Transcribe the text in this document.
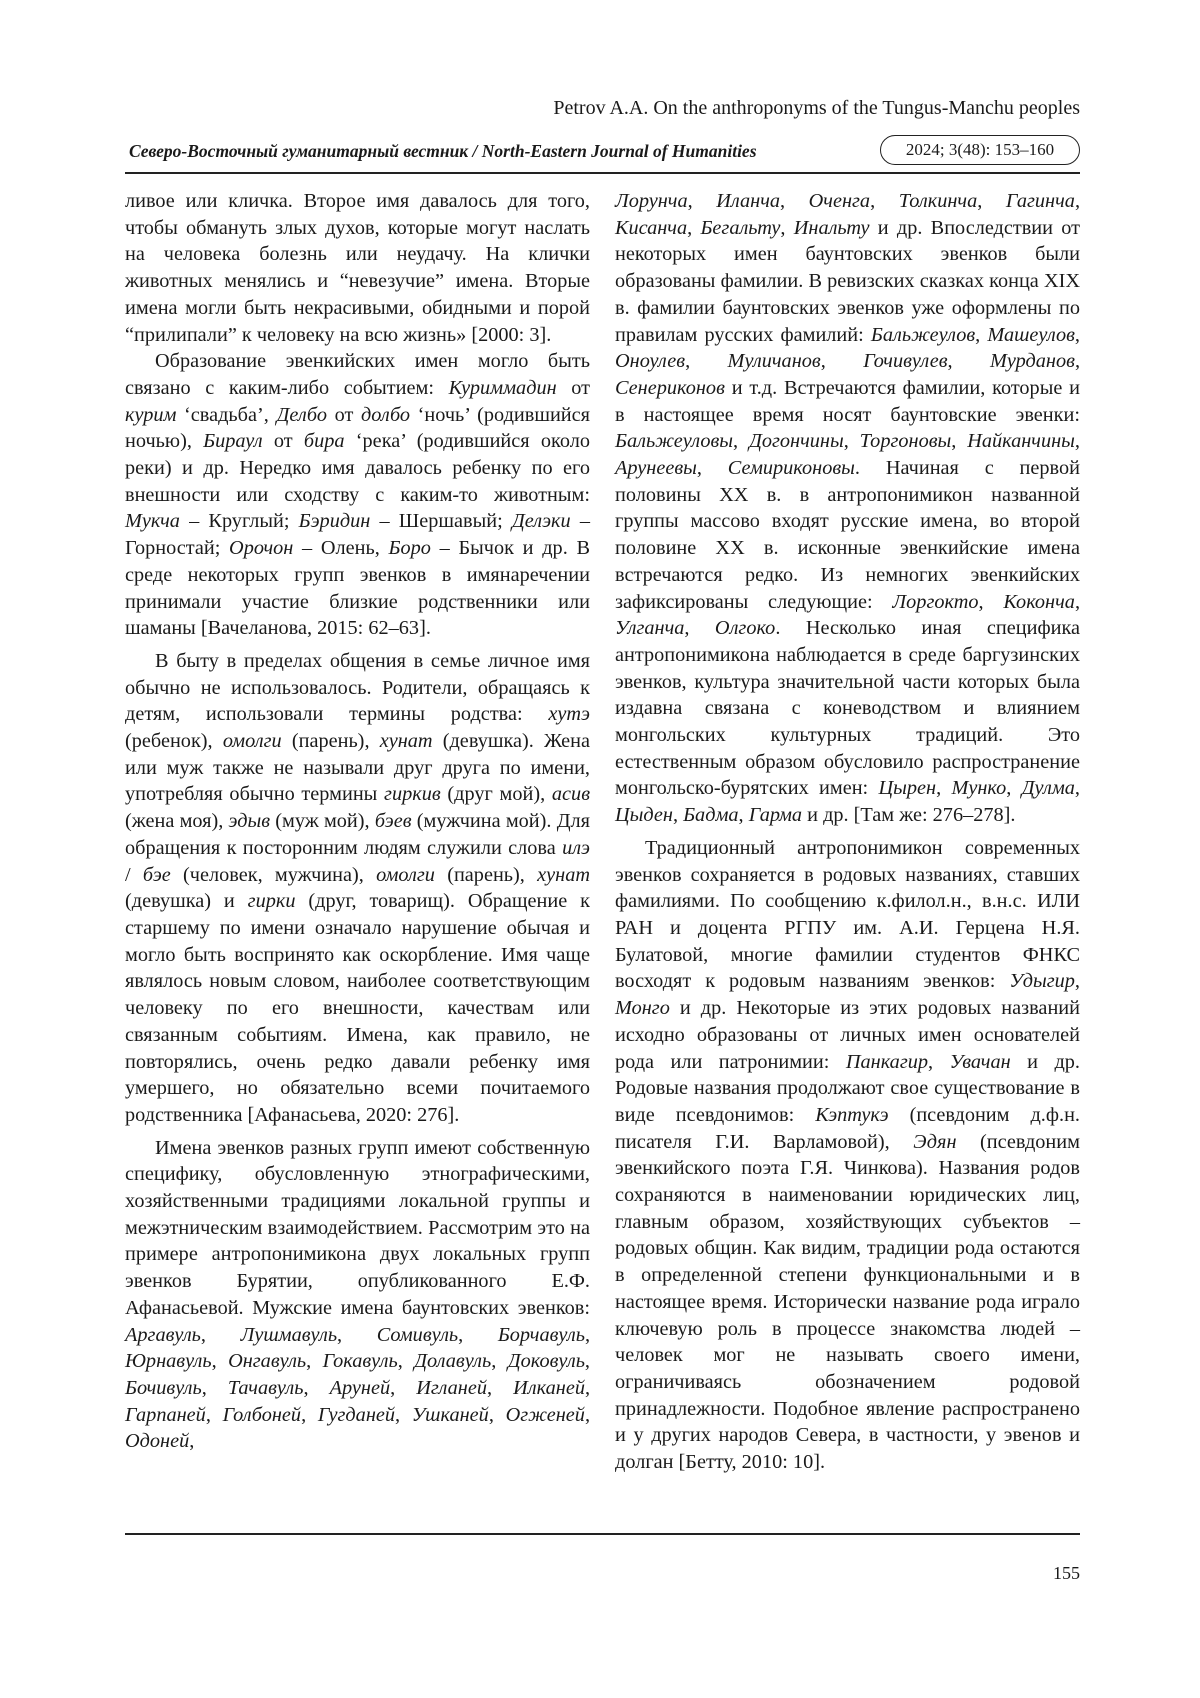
Petrov A.A. On the anthroponyms of the Tungus-Manchu peoples
Северо-Восточный гуманитарный вестник / North-Eastern Journal of Humanities	2024; 3(48): 153–160

ливое или кличка. Второе имя давалось для того, чтобы обмануть злых духов, которые могут наслать на человека болезнь или неудачу. На клички животных менялись и “невезучие” имена. Вторые имена могли быть некрасивыми, обидными и порой “прилипали” к человеку на всю жизнь» [2000: 3].

Образование эвенкийских имен могло быть связано с каким-либо событием: Куриммадин от курим ‘свадьба’, Делбо от долбо ‘ночь’ (родившийся ночью), Бираул от бира ‘река’ (родившийся около реки) и др. Нередко имя давалось ребенку по его внешности или сходству с каким-то животным: Мукча – Круглый; Бэридин – Шершавый; Делэки – Горностай; Орочон – Олень, Боро – Бычок и др. В среде некоторых групп эвенков в имянаречении принимали участие близкие родственники или шаманы [Вачеланова, 2015: 62–63].

В быту в пределах общения в семье личное имя обычно не использовалось. Родители, обращаясь к детям, использовали термины родства: хутэ (ребенок), омолги (парень), хунат (девушка). Жена или муж также не называли друг друга по имени, употребляя обычно термины гиркив (друг мой), асив (жена моя), эдыв (муж мой), бэев (мужчина мой). Для обращения к посторонним людям служили слова илэ / бэе (человек, мужчина), омолги (парень), хунат (девушка) и гирки (друг, товарищ). Обращение к старшему по имени означало нарушение обычая и могло быть воспринято как оскорбление. Имя чаще являлось новым словом, наиболее соответствующим человеку по его внешности, качествам или связанным событиям. Имена, как правило, не повторялись, очень редко давали ребенку имя умершего, но обязательно всеми почитаемого родственника [Афанасьева, 2020: 276].

Имена эвенков разных групп имеют собственную специфику, обусловленную этнографическими, хозяйственными традициями локальной группы и межэтническим взаимодействием. Рассмотрим это на примере антропонимикона двух локальных групп эвенков Бурятии, опубликованного Е.Ф. Афанасьевой. Мужские имена баунтовских эвенков: Аргавуль, Лушмавуль, Сомивуль, Борчавуль, Юрнавуль, Онгавуль, Гокавуль, Долавуль, Доковуль, Бочивуль, Тачавуль, Аруней, Игланей, Илканей, Гарпаней, Голбоней, Гугданей, Ушканей, Огженей, Одоней,

Лорунча, Иланча, Оченга, Толкинча, Гагинча, Кисанча, Бегальту, Инальту и др. Впоследствии от некоторых имен баунтовских эвенков были образованы фамилии. В ревизских сказках конца XIX в. фамилии баунтовских эвенков уже оформлены по правилам русских фамилий: Бальжеулов, Машеулов, Оноулев, Муличанов, Гочивулев, Мурданов, Сенериконов и т.д. Встречаются фамилии, которые и в настоящее время носят баунтовские эвенки: Бальжеуловы, Догончины, Торгоновы, Найканчины, Арунеевы, Семириконовы. Начиная с первой половины XX в. в антропонимикон названной группы массово входят русские имена, во второй половине XX в. исконные эвенкийские имена встречаются редко. Из немногих эвенкийских зафиксированы следующие: Лоргокто, Кокончa, Улганча, Олгоко. Несколько иная специфика антропонимикона наблюдается в среде баргузинских эвенков, культура значительной части которых была издавна связана с коневодством и влиянием монгольских культурных традиций. Это естественным образом обусловило распространение монгольско-бурятских имен: Цырен, Мунко, Дулма, Цыден, Бадма, Гарма и др. [Там же: 276–278].

Традиционный антропонимикон современных эвенков сохраняется в родовых названиях, ставших фамилиями. По сообщению к.филол.н., в.н.с. ИЛИ РАН и доцента РГПУ им. А.И. Герцена Н.Я. Булатовой, многие фамилии студентов ФНКС восходят к родовым названиям эвенков: Удыгир, Монго и др. Некоторые из этих родовых названий исходно образованы от личных имен основателей рода или патронимии: Панкагир, Увачан и др. Родовые названия продолжают свое существование в виде псевдонимов: Кэптукэ (псевдоним д.ф.н. писателя Г.И. Варламовой), Эдян (псевдоним эвенкийского поэта Г.Я. Чинкова). Названия родов сохраняются в наименовании юридических лиц, главным образом, хозяйствующих субъектов – родовых общин. Как видим, традиции рода остаются в определенной степени функциональными и в настоящее время. Исторически название рода играло ключевую роль в процессе знакомства людей – человек мог не называть своего имени, ограничиваясь обозначением родовой принадлежности. Подобное явление распространено и у других народов Севера, в частности, у эвенов и долган [Бетту, 2010: 10].

155
